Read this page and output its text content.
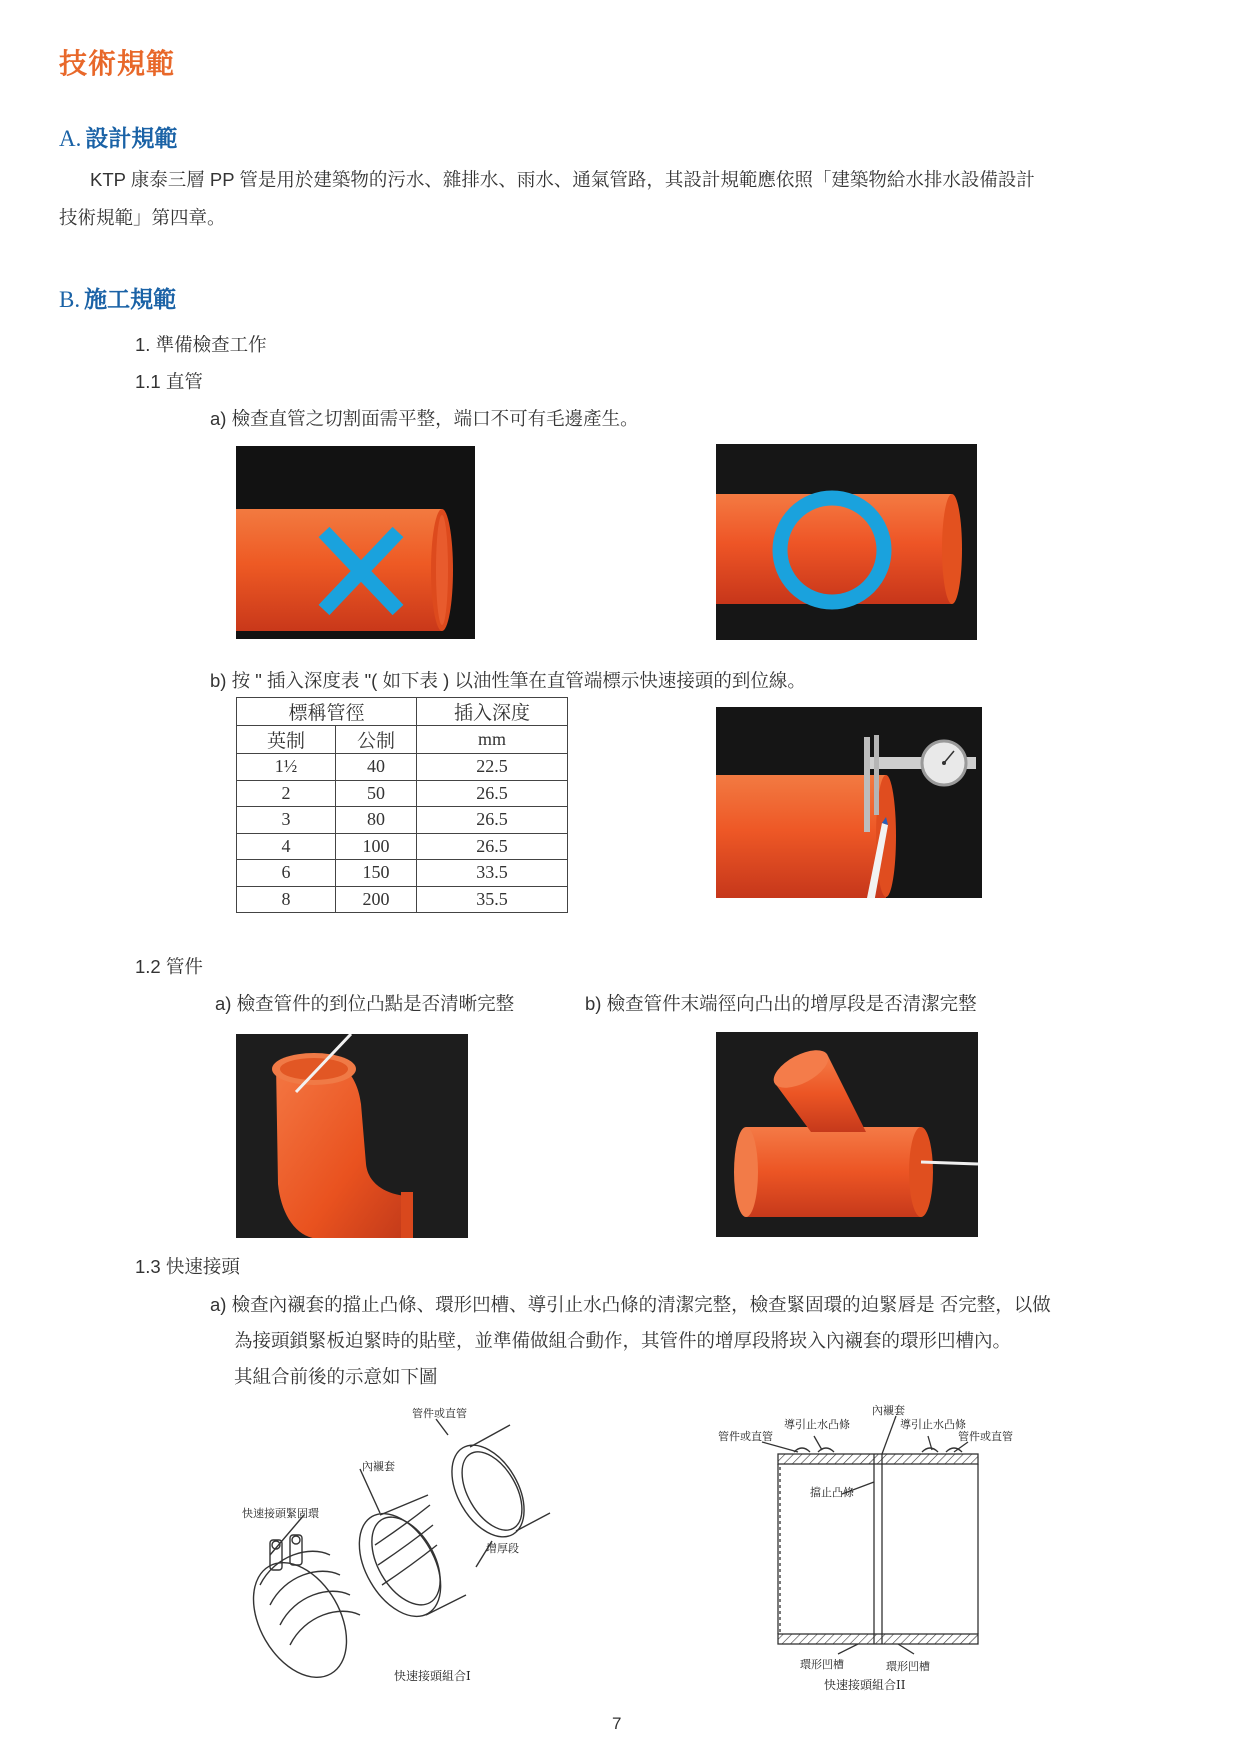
技術規範
A. 設計規範
KTP 康泰三層 PP 管是用於建築物的污水、雜排水、雨水、通氣管路，其設計規範應依照「建築物給水排水設備設計
技術規範」第四章。
B. 施工規範
1. 準備檢查工作
1.1 直管
a) 檢查直管之切割面需平整，端口不可有毛邊產生。
b) 按 " 插入深度表 "( 如下表 ) 以油性筆在直管端標示快速接頭的到位線。
標稱管徑		插入深度
英制	公制	mm
1½	40	22.5
2	50	26.5
3	80	26.5
4	100	26.5
6	150	33.5
8	200	35.5
1.2 管件
a) 檢查管件的到位凸點是否清晰完整	b) 檢查管件末端徑向凸出的增厚段是否清潔完整
1.3 快速接頭
a) 檢查內襯套的擋止凸條、環形凹槽、導引止水凸條的清潔完整，檢查緊固環的迫緊唇是 否完整，以做
為接頭鎖緊板迫緊時的貼壁，並準備做組合動作，其管件的增厚段將崁入內襯套的環形凹槽內。
其組合前後的示意如下圖
管件或直管
內襯套
快速接頭緊固環
增厚段
快速接頭組合I
內襯套
導引止水凸條	導引止水凸條
管件或直管	管件或直管
擋止凸條
環形凹槽	環形凹槽
快速接頭組合II
7
